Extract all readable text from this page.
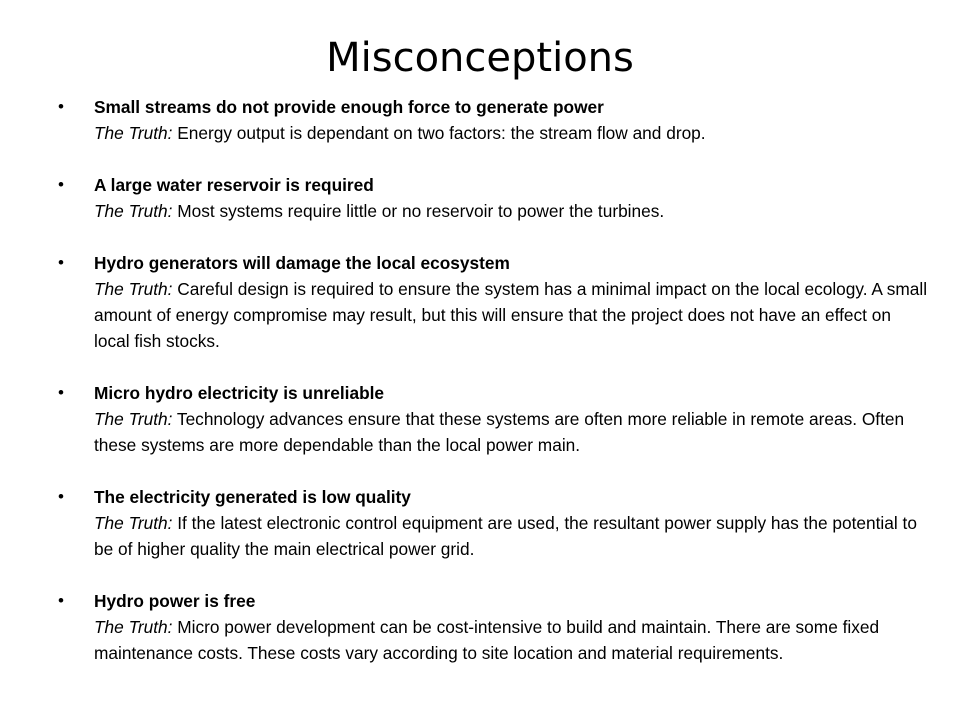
Misconceptions
•	Small streams do not provide enough force to generate power
The Truth: Energy output is dependant on two factors: the stream flow and drop.
•	A large water reservoir is required
The Truth: Most systems require little or no reservoir to power the turbines.
•	Hydro generators will damage the local ecosystem
The Truth: Careful design is required to ensure the system has a minimal impact on the local ecology. A small amount of energy compromise may result, but this will ensure that the project does not have an effect on local fish stocks.
•	Micro hydro electricity is unreliable
The Truth: Technology advances ensure that these systems are often more reliable in remote areas. Often these systems are more dependable than the local power main.
•	The electricity generated is low quality
The Truth: If the latest electronic control equipment are used, the resultant power supply has the potential to be of higher quality the main electrical power grid.
•	Hydro power is free
The Truth: Micro power development can be cost-intensive to build and maintain. There are some fixed maintenance costs. These costs vary according to site location and material requirements.
